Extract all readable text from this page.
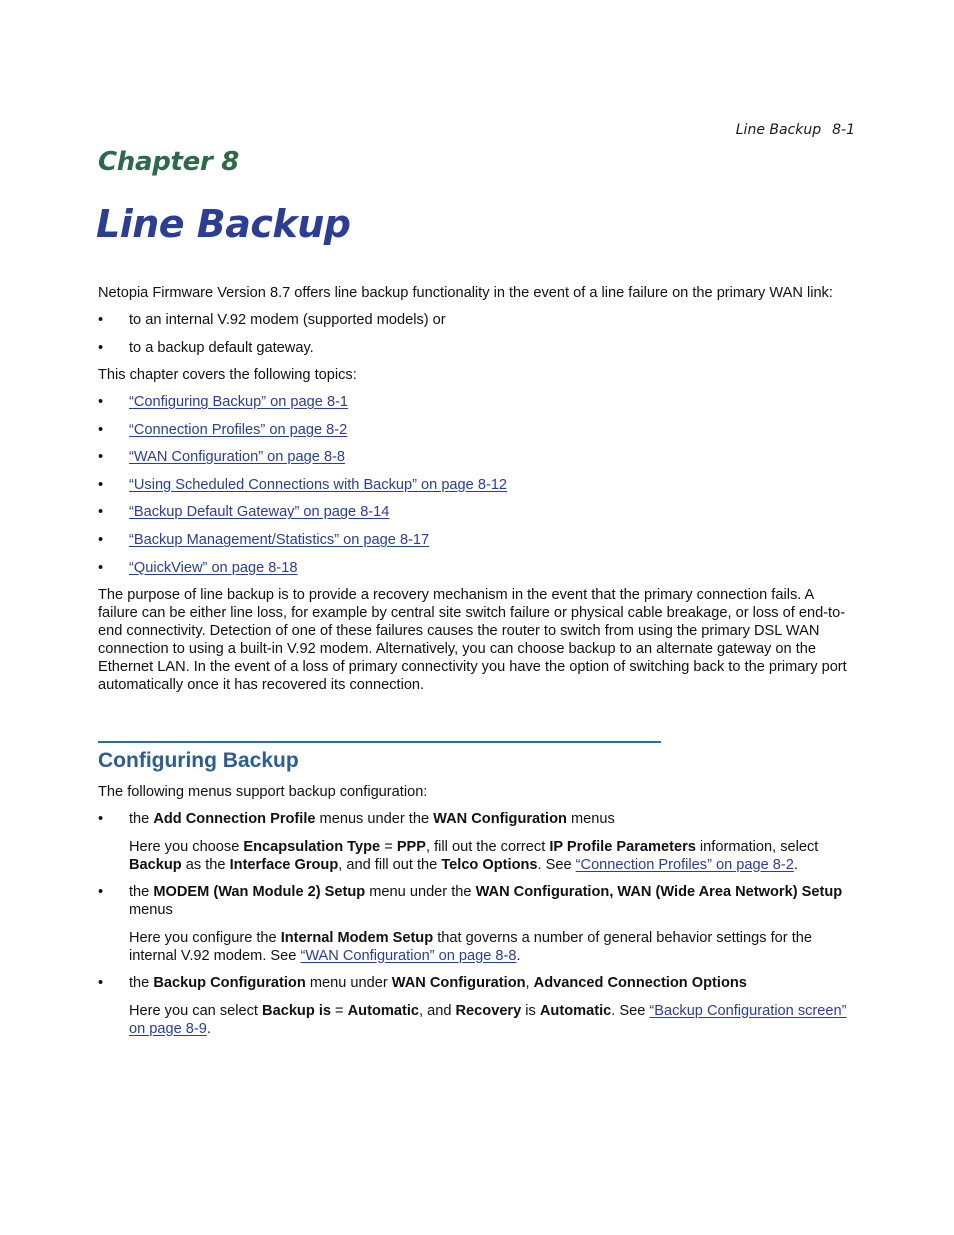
Line Backup 8-1
Chapter 8
Line Backup

Netopia Firmware Version 8.7 offers line backup functionality in the event of a line failure on the primary WAN link:

•	to an internal V.92 modem (supported models) or
•	to a backup default gateway.

This chapter covers the following topics:

•	“Configuring Backup” on page 8-1
•	“Connection Profiles” on page 8-2
•	“WAN Configuration” on page 8-8
•	“Using Scheduled Connections with Backup” on page 8-12
•	“Backup Default Gateway” on page 8-14
•	“Backup Management/Statistics” on page 8-17
•	“QuickView” on page 8-18

The purpose of line backup is to provide a recovery mechanism in the event that the primary connection fails. A failure can be either line loss, for example by central site switch failure or physical cable breakage, or loss of end-to-end connectivity. Detection of one of these failures causes the router to switch from using the primary DSL WAN connection to using a built-in V.92 modem. Alternatively, you can choose backup to an alternate gateway on the Ethernet LAN. In the event of a loss of primary connectivity you have the option of switching back to the primary port automatically once it has recovered its connection.

Configuring Backup

The following menus support backup configuration:

•	the Add Connection Profile menus under the WAN Configuration menus
Here you choose Encapsulation Type = PPP, fill out the correct IP Profile Parameters information, select Backup as the Interface Group, and fill out the Telco Options. See “Connection Profiles” on page 8-2.
•	the MODEM (Wan Module 2) Setup menu under the WAN Configuration, WAN (Wide Area Network) Setup menus
Here you configure the Internal Modem Setup that governs a number of general behavior settings for the internal V.92 modem. See “WAN Configuration” on page 8-8.
•	the Backup Configuration menu under WAN Configuration, Advanced Connection Options
Here you can select Backup is = Automatic, and Recovery is Automatic. See “Backup Configuration screen” on page 8-9.
